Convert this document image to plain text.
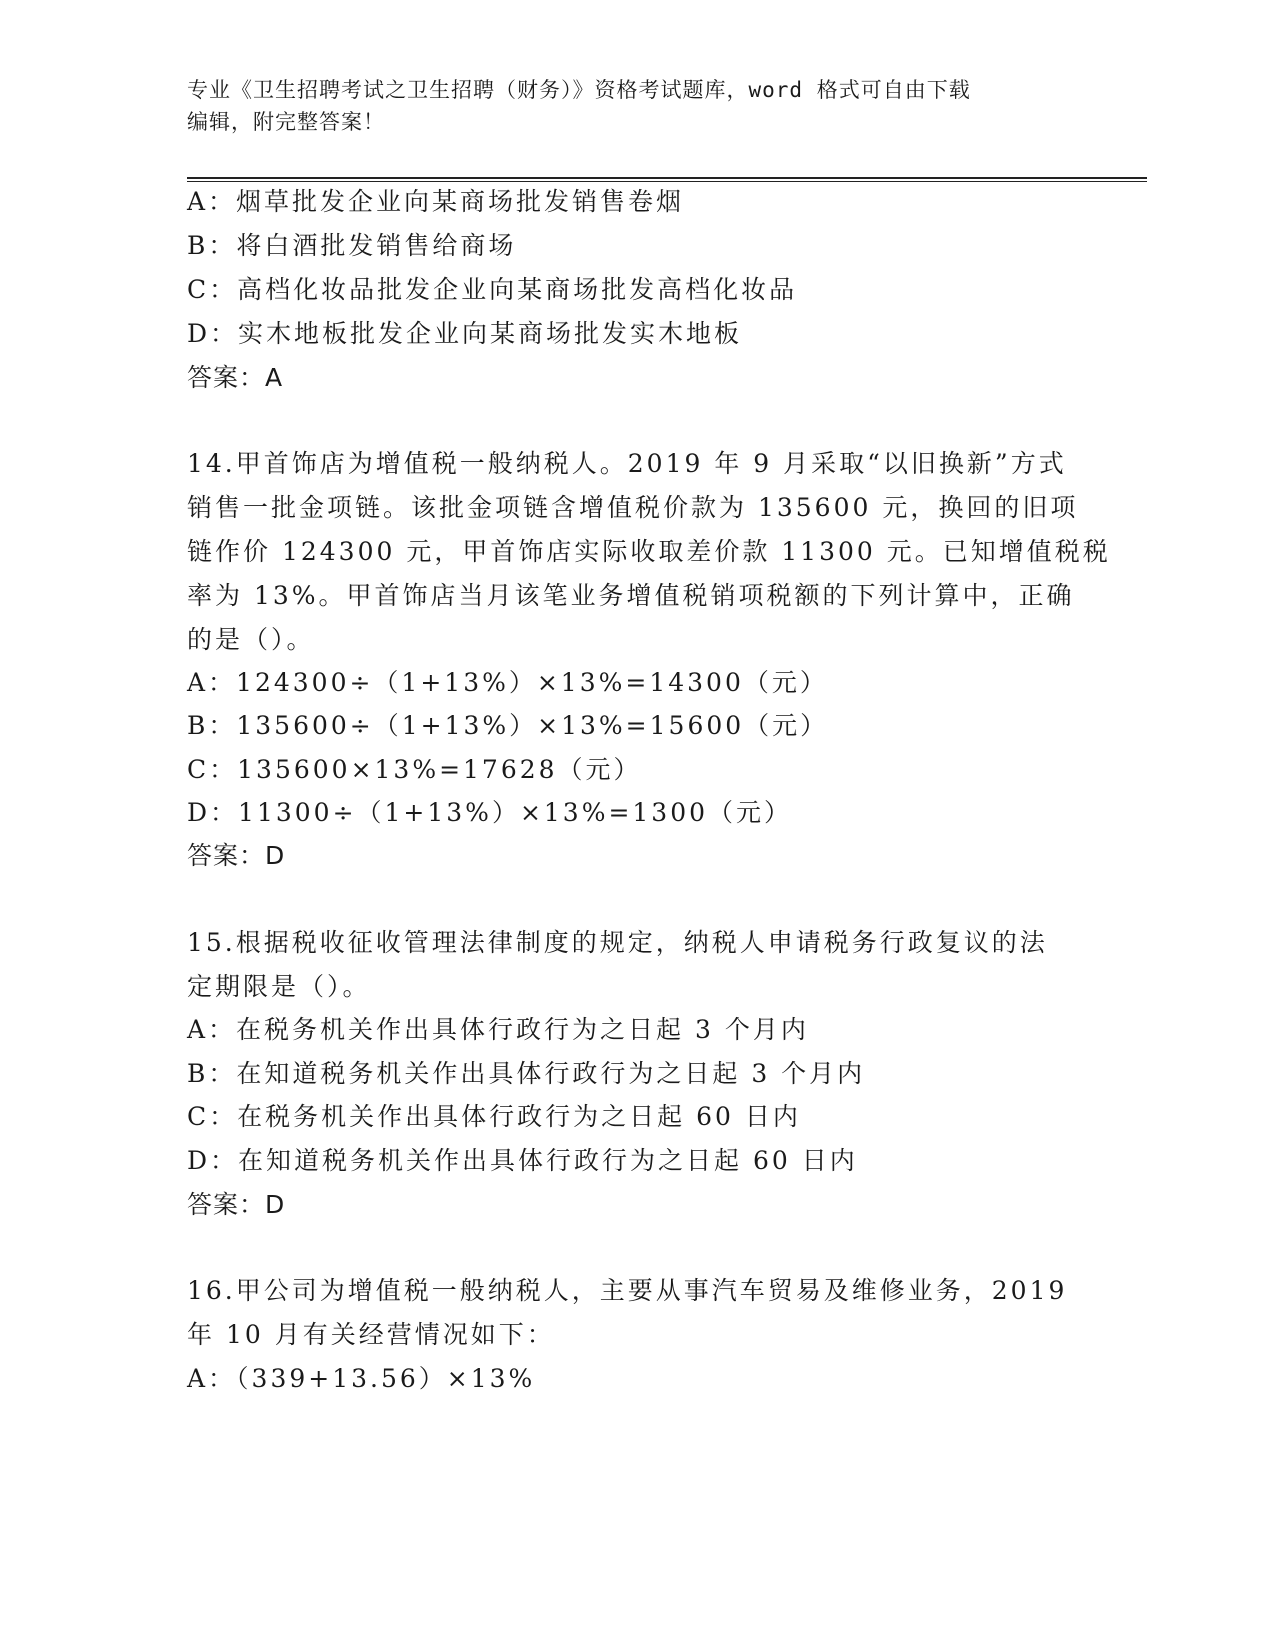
专业《卫生招聘考试之卫生招聘（财务）》资格考试题库，word 格式可自由下载
编辑，附完整答案！
A：烟草批发企业向某商场批发销售卷烟
B：将白酒批发销售给商场
C：高档化妆品批发企业向某商场批发高档化妆品
D：实木地板批发企业向某商场批发实木地板
答案：A
14.甲首饰店为增值税一般纳税人。2019 年 9 月采取“以旧换新”方式
销售一批金项链。该批金项链含增值税价款为 135600 元，换回的旧项
链作价 124300 元，甲首饰店实际收取差价款 11300 元。已知增值税税
率为 13%。甲首饰店当月该笔业务增值税销项税额的下列计算中，正确
的是（）。
A：124300÷（1+13%）×13%=14300（元）
B：135600÷（1+13%）×13%=15600（元）
C：135600×13%=17628（元）
D：11300÷（1+13%）×13%=1300（元）
答案：D
15.根据税收征收管理法律制度的规定，纳税人申请税务行政复议的法
定期限是（）。
A：在税务机关作出具体行政行为之日起 3 个月内
B：在知道税务机关作出具体行政行为之日起 3 个月内
C：在税务机关作出具体行政行为之日起 60 日内
D：在知道税务机关作出具体行政行为之日起 60 日内
答案：D
16.甲公司为增值税一般纳税人，主要从事汽车贸易及维修业务，2019
年 10 月有关经营情况如下：
A：（339+13.56）×13%
